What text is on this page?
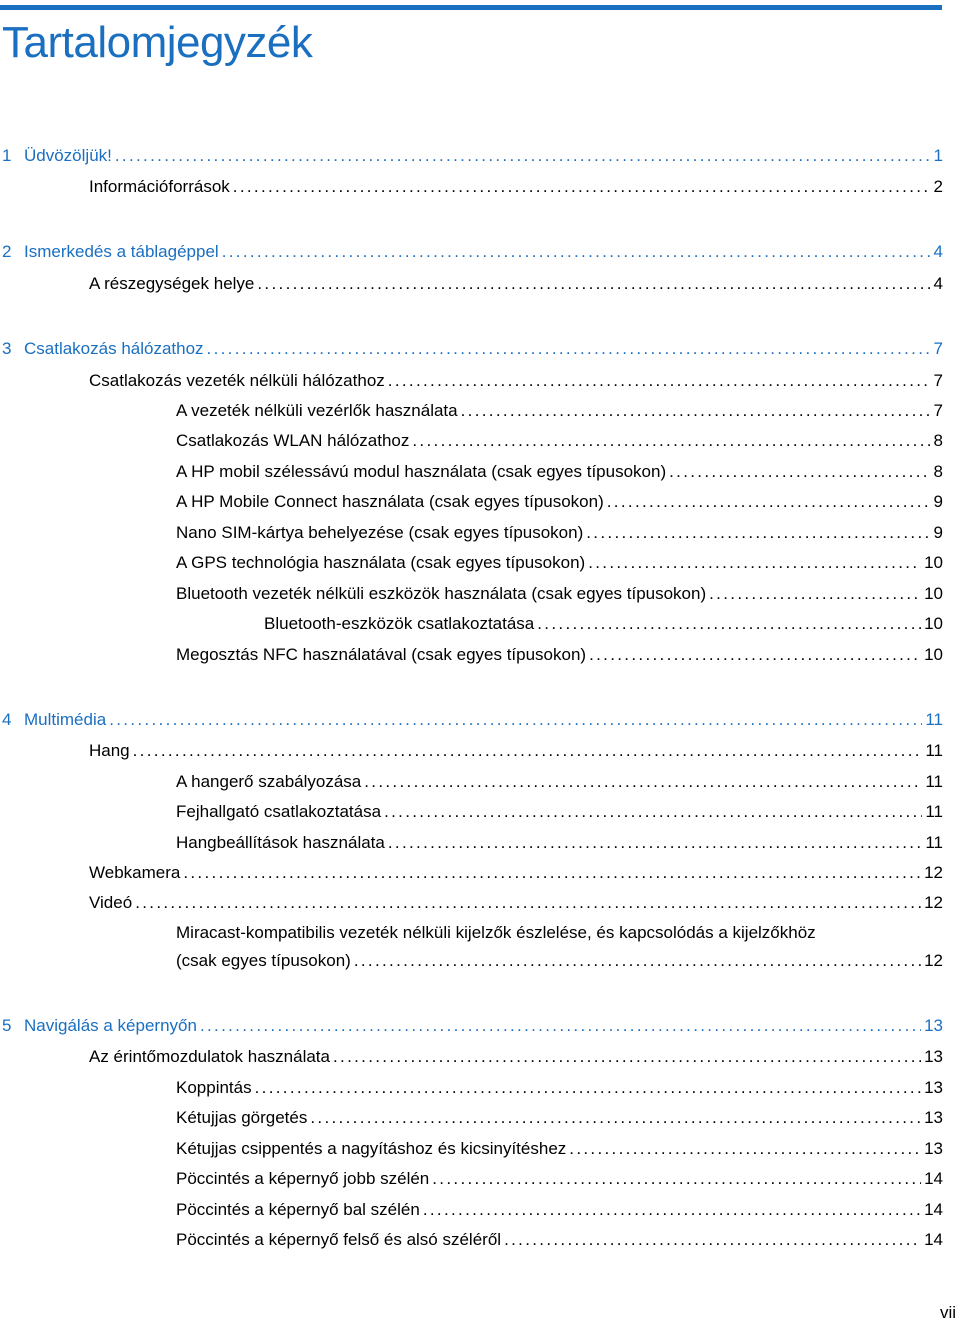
Tartalomjegyzék
1 Üdvözöljük! . . .	1
Információforrások . . .	2
2 Ismerkedés a táblagéppel . . .	4
A részegységek helye . . .	4
3 Csatlakozás hálózathoz . . .	7
Csatlakozás vezeték nélküli hálózathoz . . .	7
A vezeték nélküli vezérlők használata . . .	7
Csatlakozás WLAN hálózathoz . . .	8
A HP mobil szélessávú modul használata (csak egyes típusokon) . . .	8
A HP Mobile Connect használata (csak egyes típusokon) . . .	9
Nano SIM-kártya behelyezése (csak egyes típusokon) . . .	9
A GPS technológia használata (csak egyes típusokon) . . .	10
Bluetooth vezeték nélküli eszközök használata (csak egyes típusokon) . . .	10
Bluetooth-eszközök csatlakoztatása . . .	10
Megosztás NFC használatával (csak egyes típusokon) . . .	10
4 Multimédia . . .	11
Hang . . .	11
A hangerő szabályozása . . .	11
Fejhallgató csatlakoztatása . . .	11
Hangbeállítások használata . . .	11
Webkamera . . .	12
Videó . . .	12
Miracast-kompatibilis vezeték nélküli kijelzők észlelése, és kapcsolódás a kijelzőkhöz
(csak egyes típusokon) . . .	12
5 Navigálás a képernyőn . . .	13
Az érintőmozdulatok használata . . .	13
Koppintás . . .	13
Kétujjas görgetés . . .	13
Kétujjas csippentés a nagyításhoz és kicsinyítéshez . . .	13
Pöccintés a képernyő jobb szélén . . .	14
Pöccintés a képernyő bal szélén . . .	14
Pöccintés a képernyő felső és alsó széléről . . .	14
vii
